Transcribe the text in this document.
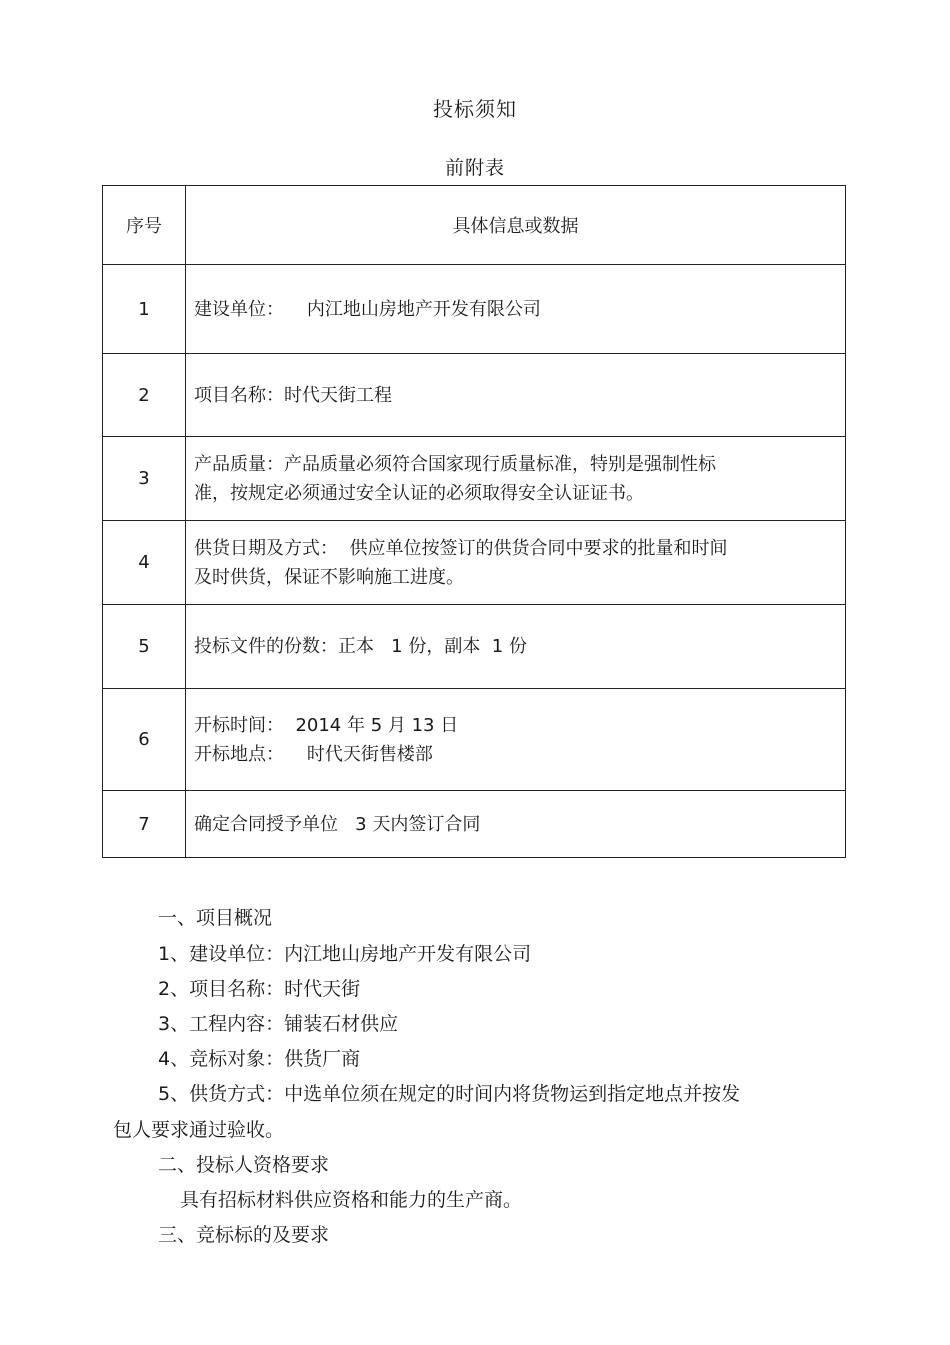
投标须知
前附表
序号	具体信息或数据
1	建设单位：    内江地山房地产开发有限公司

2	项目名称：时代天街工程

3	产品质量：产品质量必须符合国家现行质量标准，特别是强制性标
准，按规定必须通过安全认证的必须取得安全认证证书。

4	供货日期及方式：  供应单位按签订的供货合同中要求的批量和时间
及时供货，保证不影响施工进度。

5	投标文件的份数：正本   1 份，副本  1 份

6	开标时间：  2014 年 5 月 13 日
开标地点：    时代天街售楼部

7	确定合同授予单位   3 天内签订合同
一、项目概况
1、建设单位：内江地山房地产开发有限公司
2、项目名称：时代天街
3、工程内容：铺装石材供应
4、竞标对象：供货厂商
5、供货方式：中选单位须在规定的时间内将货物运到指定地点并按发
包人要求通过验收。
二、投标人资格要求
具有招标材料供应资格和能力的生产商。
三、竞标标的及要求
